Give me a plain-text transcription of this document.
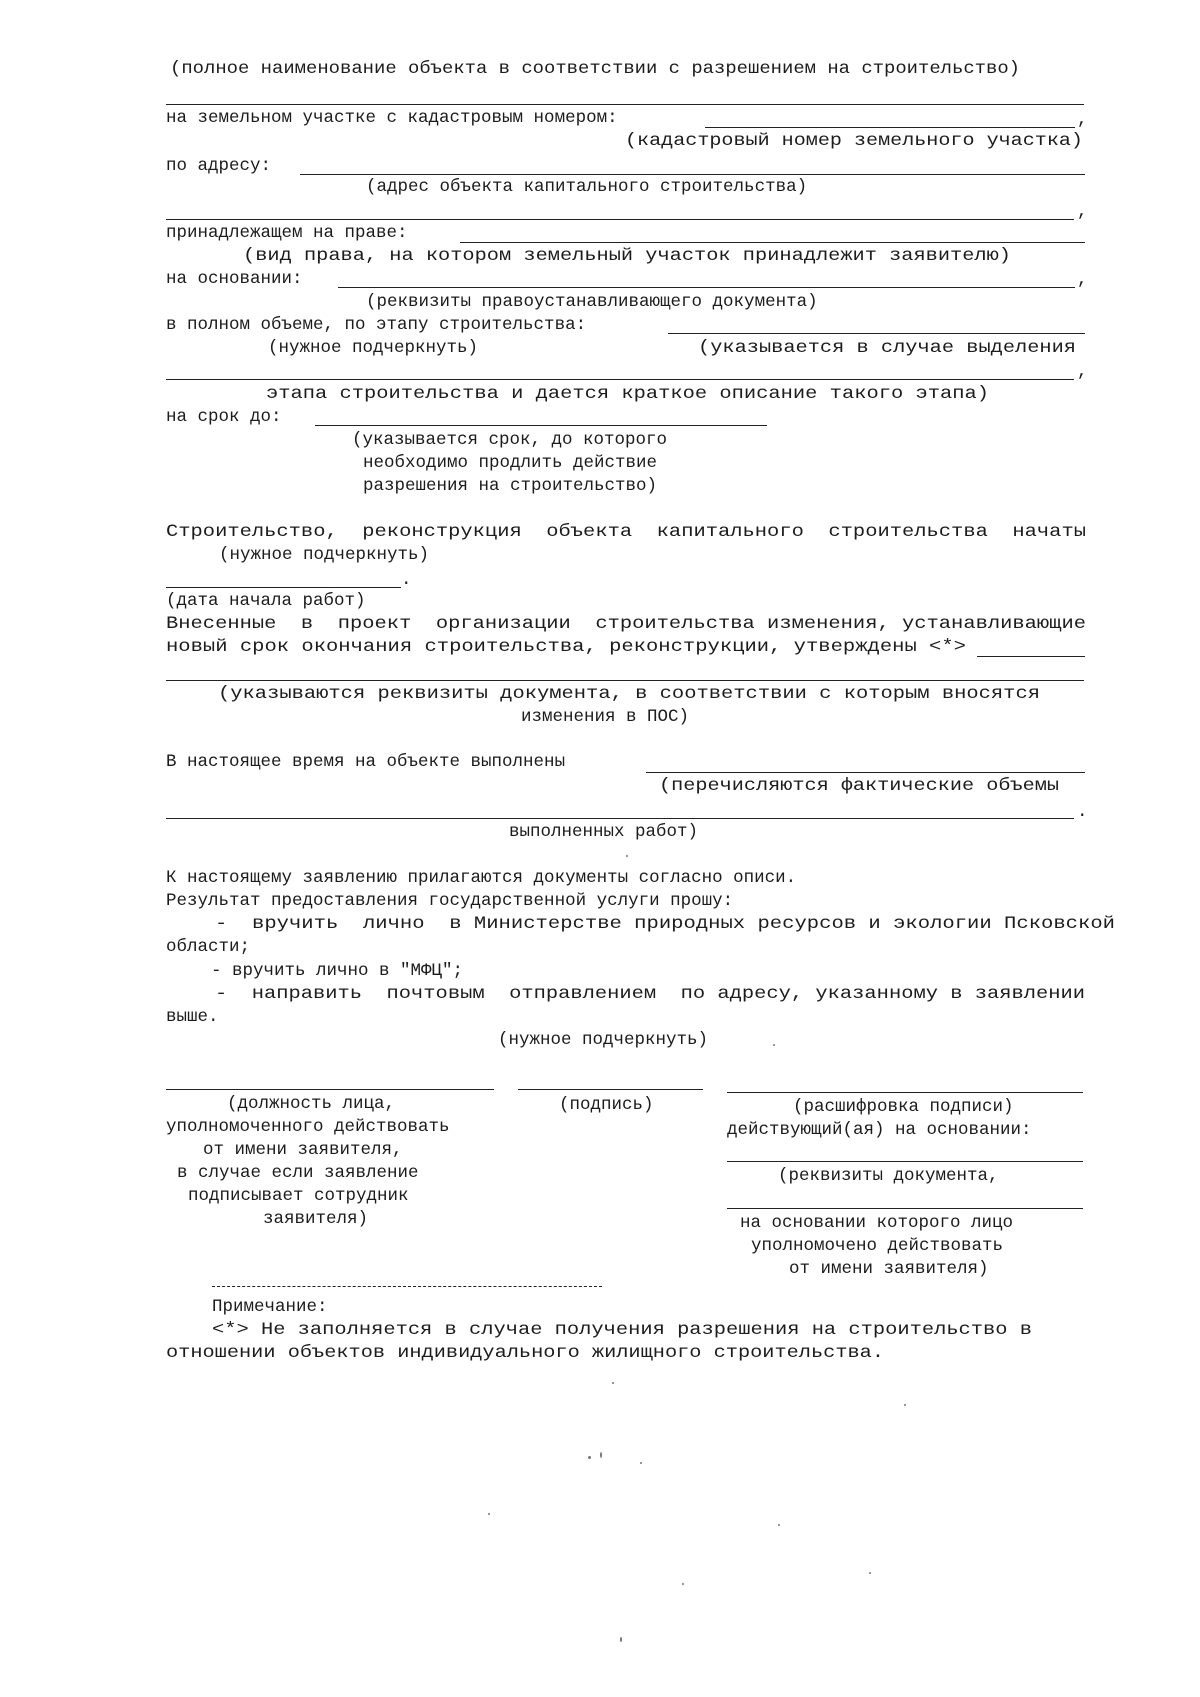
(полное наименование объекта в соответствии с разрешением на строительство)
на земельном участке с кадастровым номером:	,
(кадастровый номер земельного участка)
по адресу:
(адрес объекта капитального строительства)
,
принадлежащем на праве:
(вид права, на котором земельный участок принадлежит заявителю)
на основании:	,
(реквизиты правоустанавливающего документа)
в полном объеме, по этапу строительства:
(нужное подчеркнуть)	(указывается в случае выделения
,
этапа строительства и дается краткое описание такого этапа)
на срок до:
(указывается срок, до которого
необходимо продлить действие
разрешения на строительство)
Строительство,  реконструкция  объекта  капитального  строительства  начаты
(нужное подчеркнуть)
.
(дата начала работ)
Внесенные  в  проект  организации  строительства изменения, устанавливающие
новый срок окончания строительства, реконструкции, утверждены <*>
(указываются реквизиты документа, в соответствии с которым вносятся
изменения в ПОС)
В настоящее время на объекте выполнены
(перечисляются фактические объемы
.
выполненных работ)
К настоящему заявлению прилагаются документы согласно описи.
Результат предоставления государственной услуги прошу:
-  вручить  лично  в Министерстве природных ресурсов и экологии Псковской
области;
- вручить лично в "МФЦ";
-  направить  почтовым  отправлением  по адресу, указанному в заявлении
выше.
(нужное подчеркнуть)
(должность лица,
уполномоченного действовать
от имени заявителя,
в случае если заявление
подписывает сотрудник
заявителя)
(подпись)	(расшифровка подписи)
действующий(ая) на основании:
(реквизиты документа,
на основании которого лицо
уполномочено действовать
от имени заявителя)
Примечание:
<*> Не заполняется в случае получения разрешения на строительство в
отношении объектов индивидуального жилищного строительства.
